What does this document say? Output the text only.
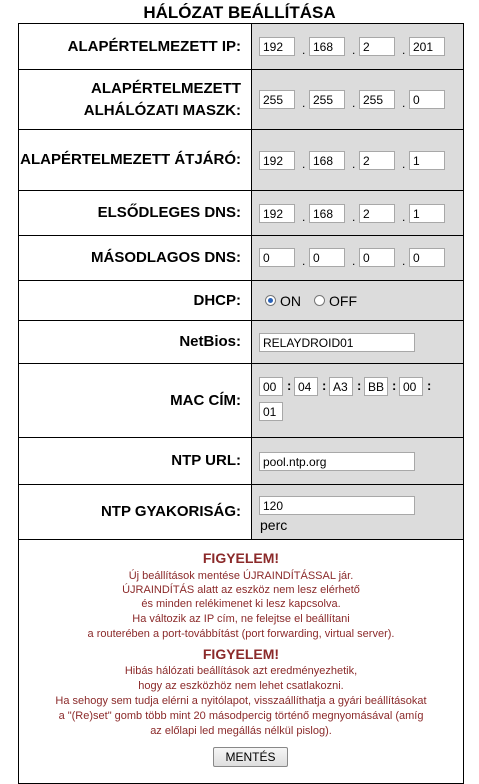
HÁLÓZAT BEÁLLÍTÁSA
ALAPÉRTELMEZETT IP:
192	.
168	.
2	.
201
ALAPÉRTELMEZETT ALHÁLÓZATI MASZK:
255	.
255	.
255	.
0
ALAPÉRTELMEZETT ÁTJÁRÓ:
192	.
168	.
2	.
1
ELSŐDLEGES DNS:
192	.
168	.
2	.
1
MÁSODLAGOS DNS:
0	.
0	.
0	.
0
DHCP:	ON OFF
NetBios:
RELAYDROID01
MAC CÍM:
00
:
04 :
A3 :
BB :
00 :
01
NTP URL:
pool.ntp.org
NTP GYAKORISÁG:
120
perc
FIGYELEM!
Új beállítások mentése ÚJRAINDÍTÁSSAL jár.
ÚJRAINDÍTÁS alatt az eszköz nem lesz elérhető
és minden relékimenet ki lesz kapcsolva.
Ha változik az IP cím, ne felejtse el beállítani
a routerében a port-továbbítást (port forwarding, virtual server).
FIGYELEM!
Hibás hálózati beállítások azt eredményezhetik,
hogy az eszközhöz nem lehet csatlakozni.
Ha sehogy sem tudja elérni a nyitólapot, visszaállíthatja a gyári beállításokat
a "(Re)set" gomb több mint 20 másodpercig történő megnyomásával (amíg
az előlapi led megállás nélkül pislog).
MENTÉS
